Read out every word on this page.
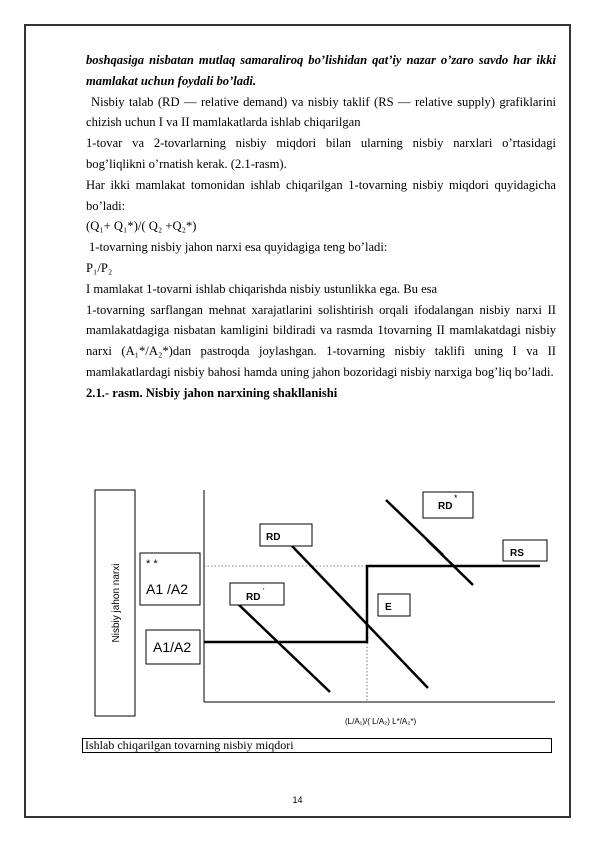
boshqasiga nisbatan mutlaq samaraliroq bo’lishidan qat’iy nazar o’zaro savdo har ikki mamlakat uchun foydali bo’ladi.

Nisbiy talab (RD — relative demand) va nisbiy taklif (RS — relative supply) grafiklarini chizish uchun I va II mamlakatlarda ishlab chiqarilgan

1-tovar va 2-tovarlarning nisbiy miqdori bilan ularning nisbiy narxlari o’rtasidagi bog’liqlikni o’rnatish kerak. (2.1-rasm).

Har ikki mamlakat tomonidan ishlab chiqarilgan 1-tovarning nisbiy miqdori quyidagicha bo’ladi:

(Q₁+ Q₁*)/( Q₂ +Q₂*)

1-tovarning nisbiy jahon narxi esa quyidagiga teng bo’ladi:

P₁/P₂

I mamlakat 1-tovarni ishlab chiqarishda nisbiy ustunlikka ega. Bu esa

1-tovarning sarflangan mehnat xarajatlarini solishtirish orqali ifodalangan nisbiy narxi II mamlakatdagiga nisbatan kamligini bildiradi va rasmda 1tovarning II mamlakatdagi nisbiy narxi (A₁*/A₂*)dan pastroqda joylashgan. 1-tovarning nisbiy taklifi uning I va II mamlakatlardagi nisbiy bahosi hamda uning jahon bozoridagi nisbiy narxiga bog’liq bo’ladi.

2.1.- rasm. Nisbiy jahon narxining shakllanishi

Nisbiy jahon narxi * *
A1 /A2
A1/A2
RD
RD
*
RD
'
RS
E
(L/A₁)/( L/A₂) L*/A₂*)
Ishlab chiqarilgan tovarning nisbiy miqdori
14
